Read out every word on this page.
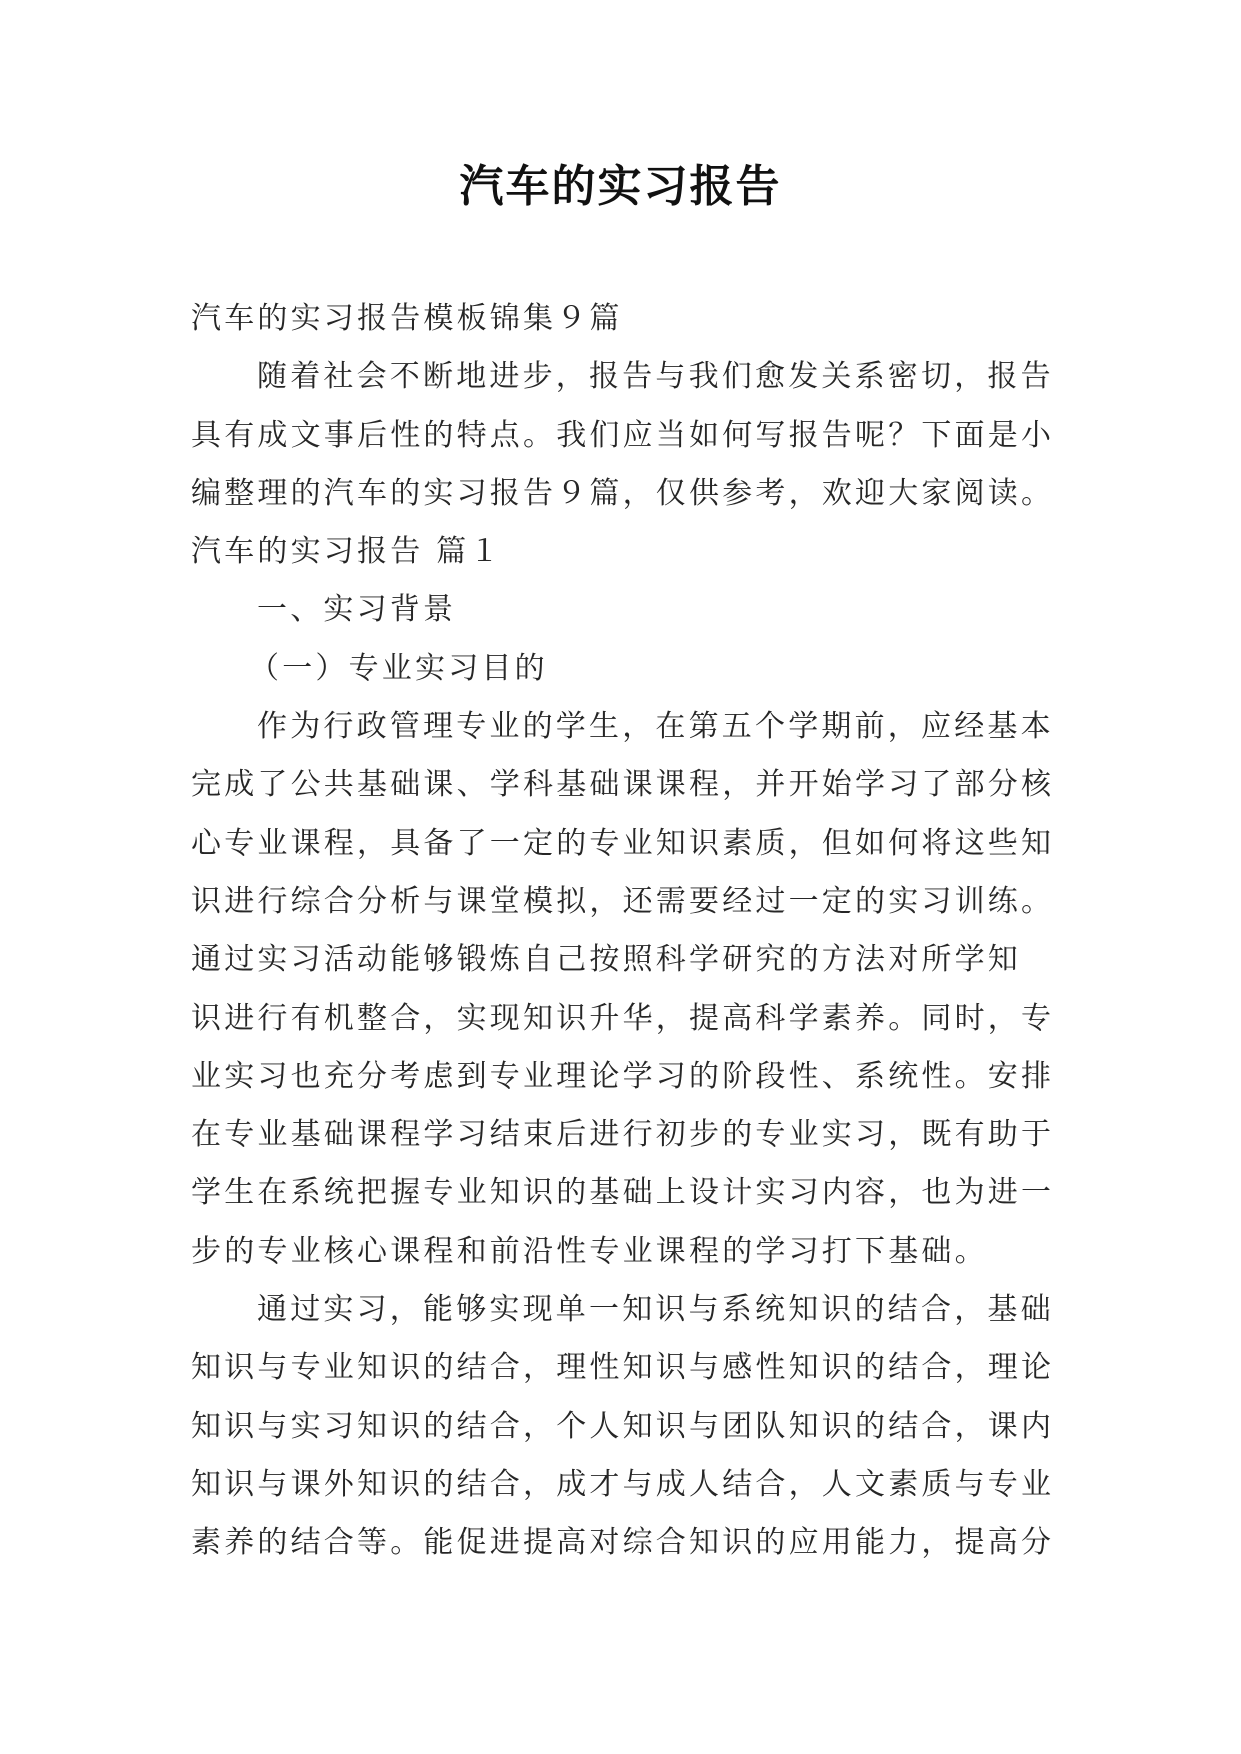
汽车的实习报告
汽车的实习报告模板锦集９篇
随着社会不断地进步，报告与我们愈发关系密切，报告
具有成文事后性的特点。我们应当如何写报告呢？下面是小
编整理的汽车的实习报告９篇，仅供参考，欢迎大家阅读。
汽车的实习报告 篇１
一、实习背景
（一）专业实习目的
作为行政管理专业的学生，在第五个学期前，应经基本
完成了公共基础课、学科基础课课程，并开始学习了部分核
心专业课程，具备了一定的专业知识素质，但如何将这些知
识进行综合分析与课堂模拟，还需要经过一定的实习训练。
通过实习活动能够锻炼自己按照科学研究的方法对所学知
识进行有机整合，实现知识升华，提高科学素养。同时，专
业实习也充分考虑到专业理论学习的阶段性、系统性。安排
在专业基础课程学习结束后进行初步的专业实习，既有助于
学生在系统把握专业知识的基础上设计实习内容，也为进一
步的专业核心课程和前沿性专业课程的学习打下基础。
通过实习，能够实现单一知识与系统知识的结合，基础
知识与专业知识的结合，理性知识与感性知识的结合，理论
知识与实习知识的结合，个人知识与团队知识的结合，课内
知识与课外知识的结合，成才与成人结合，人文素质与专业
素养的结合等。能促进提高对综合知识的应用能力，提高分
